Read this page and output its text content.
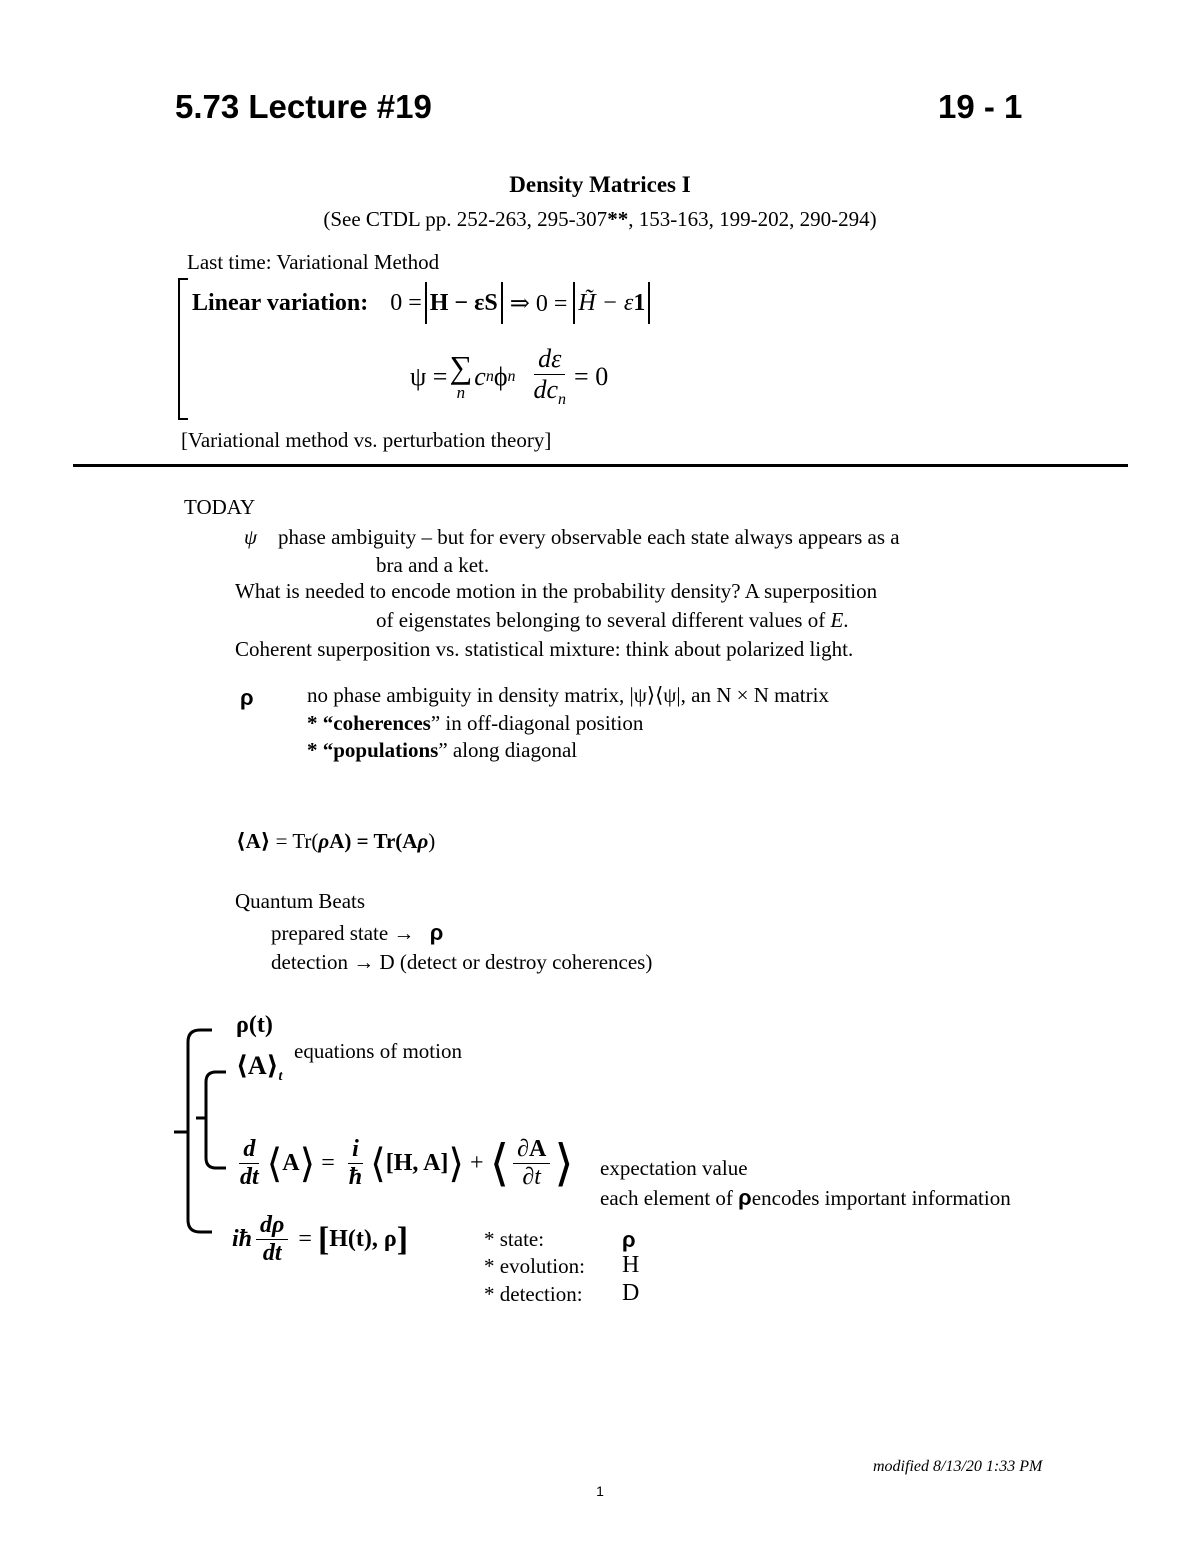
5.73 Lecture #19	19 - 1
Density Matrices I
(See CTDL pp. 252-263, 295-307**, 153-163, 199-202, 290-294)
Last time: Variational Method
Linear variation: 0 = H − εS ⇒ 0 = H̃ − ε 1
ψ = ∑
n
c n ϕ n $\frac{d\varepsilon}{dc_n} = 0$
[Variational method vs. perturbation theory]
TODAY
ψ phase ambiguity – but for every observable each state always appears as a
bra and a ket.
What is needed to encode motion in the probability density? A superposition
of eigenstates belonging to several different values of E.
Coherent superposition vs. statistical mixture: think about polarized light.
ρ	no phase ambiguity in density matrix, |ψ⟩⟨ψ|, an N × N matrix
* “coherences” in off-diagonal position
* “populations” along diagonal
⟨A⟩ = Tr(ρA) = Tr(Aρ)
Quantum Beats
prepared state → ρ
detection → D (detect or destroy coherences)
ρ(t)
$⟨A⟩_t$
equations of motion
$\frac{d}{dt}$ ⟨ A ⟩ = $\frac{i}{ħ}$ ⟨ [H, A] ⟩ + ⟨ $\frac{\partial A}{\partial t}$ ⟩ expectation value
each element of ρencodes important information
iħ $\frac{d\rho}{dt}$ = [ H(t), ρ ]	* state:	ρ
* evolution: H
* detection: D
modified 8/13/20 1:33 PM
1
